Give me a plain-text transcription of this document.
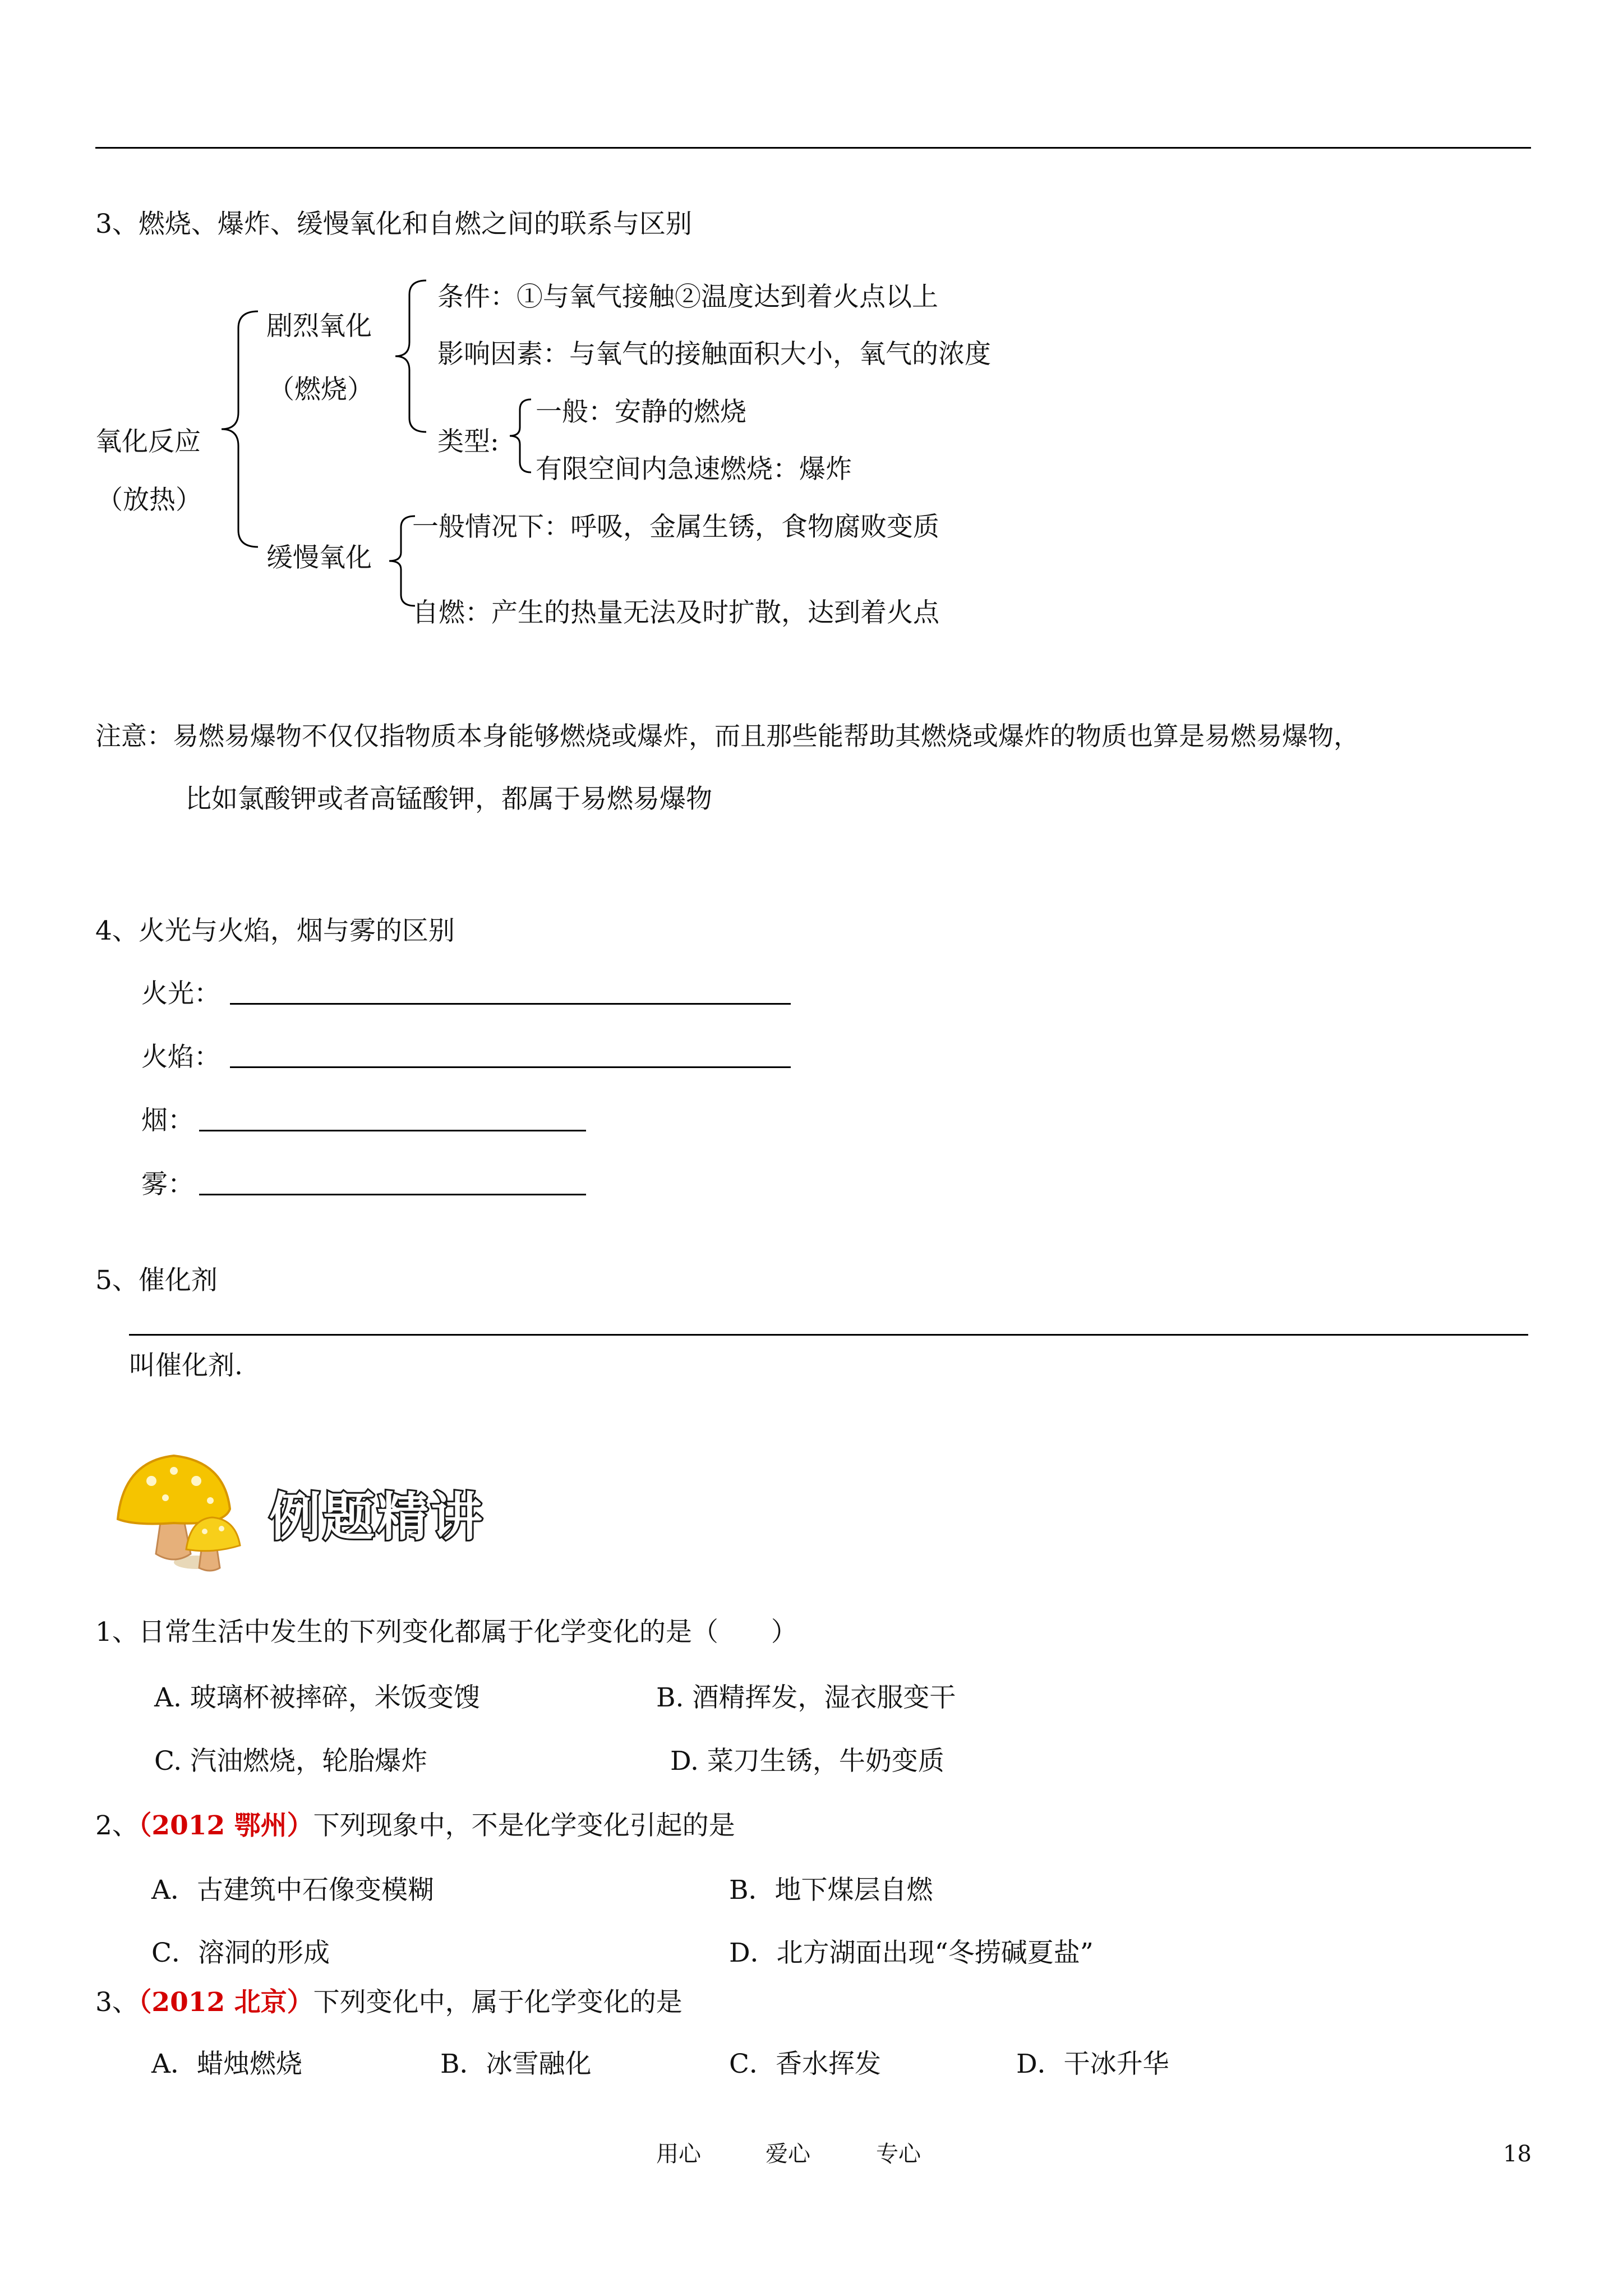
3、燃烧、爆炸、缓慢氧化和自燃之间的联系与区别
氧化反应
（放热）
剧烈氧化
（燃烧）
条件：①与氧气接触②温度达到着火点以上
影响因素：与氧气的接触面积大小，氧气的浓度
类型:
一般：安静的燃烧
有限空间内急速燃烧：爆炸
缓慢氧化
一般情况下：呼吸，金属生锈，食物腐败变质
自燃：产生的热量无法及时扩散，达到着火点
注意：易燃易爆物不仅仅指物质本身能够燃烧或爆炸，而且那些能帮助其燃烧或爆炸的物质也算是易燃易爆物，
比如氯酸钾或者高锰酸钾，都属于易燃易爆物
4、火光与火焰，烟与雾的区别
火光：
火焰：
烟：
雾：
5、催化剂
叫催化剂.
例题精讲
1、日常生活中发生的下列变化都属于化学变化的是（　　）
A. 玻璃杯被摔碎，米饭变馊	B. 酒精挥发，湿衣服变干
C. 汽油燃烧，轮胎爆炸	D. 菜刀生锈，牛奶变质
2、（2012 鄂州）下列现象中，不是化学变化引起的是
A．古建筑中石像变模糊	B．地下煤层自燃
C．溶洞的形成	D．北方湖面出现“冬捞碱夏盐”
3、（2012 北京）下列变化中，属于化学变化的是
A．蜡烛燃烧	B．冰雪融化	C．香水挥发	D．干冰升华
用心	爱心	专心	18
